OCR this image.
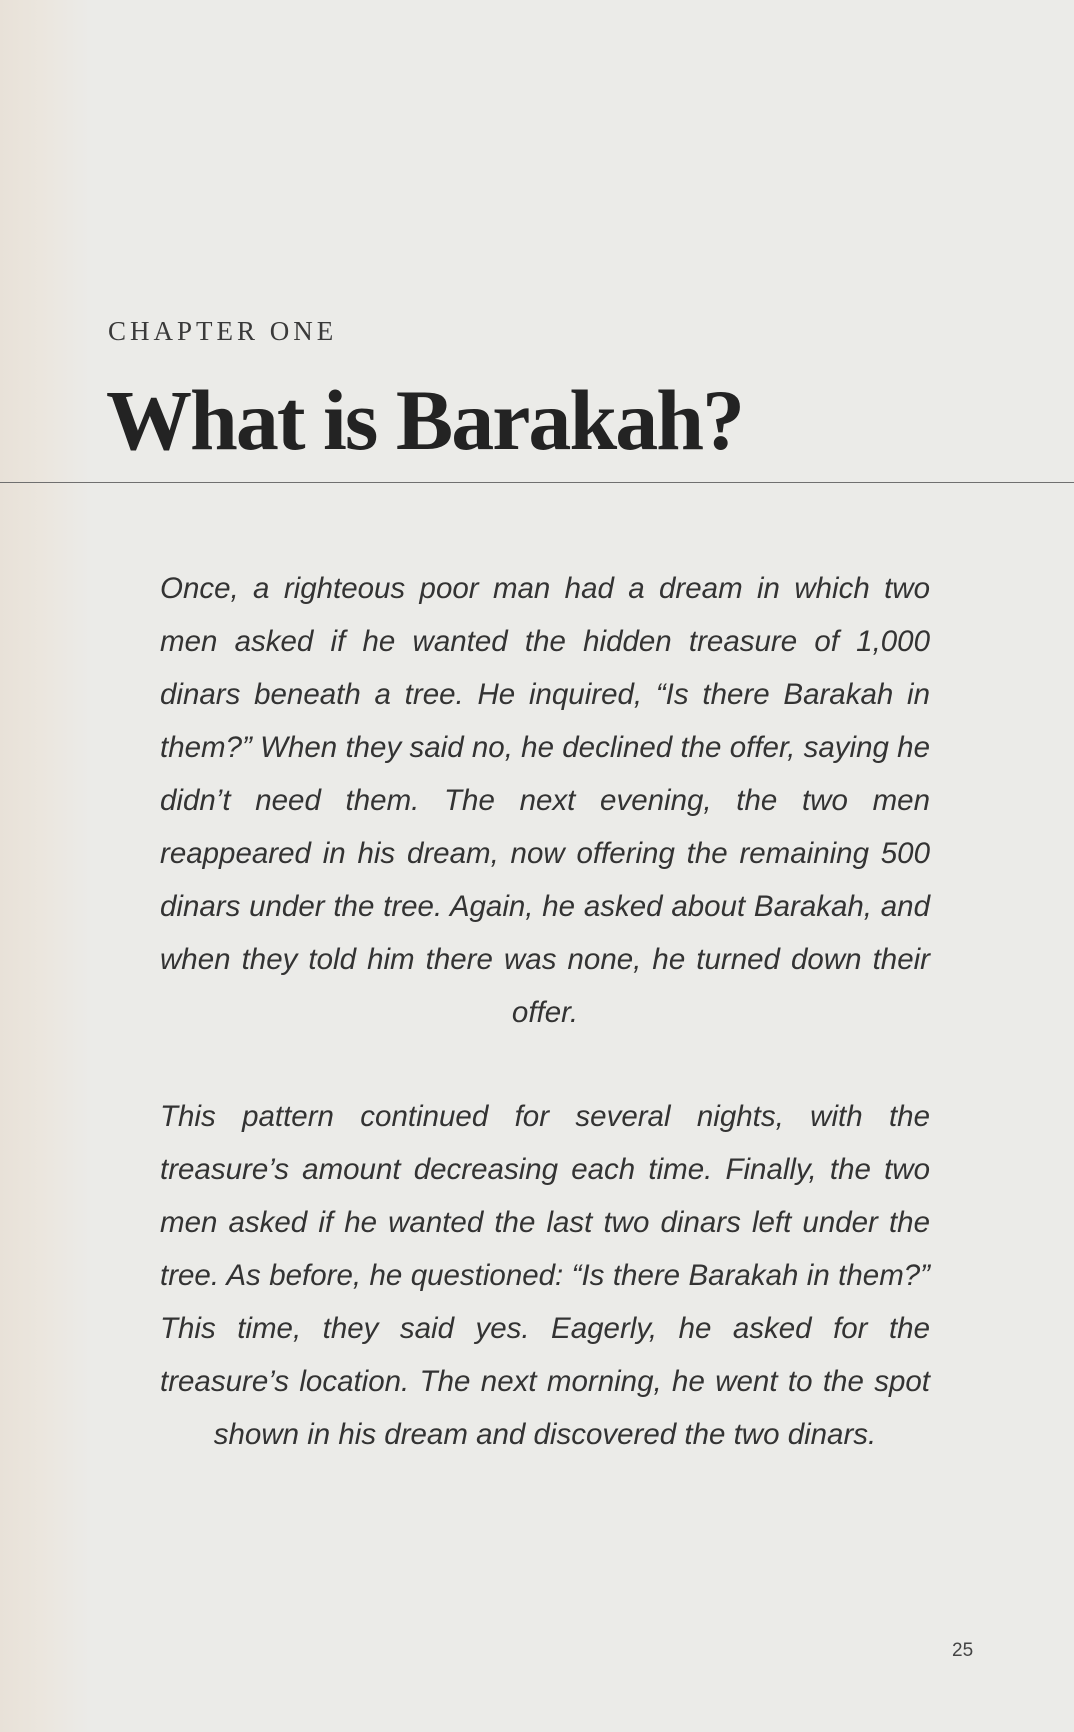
CHAPTER ONE
What is Barakah?

Once, a righteous poor man had a dream in which two men asked if he wanted the hidden treasure of 1,000 dinars beneath a tree. He inquired, “Is there Barakah in them?” When they said no, he declined the offer, saying he didn’t need them. The next evening, the two men reappeared in his dream, now offering the remaining 500 dinars under the tree. Again, he asked about Barakah, and when they told him there was none, he turned down their offer.

This pattern continued for several nights, with the treasure’s amount decreasing each time. Finally, the two men asked if he wanted the last two dinars left under the tree. As before, he questioned: “Is there Barakah in them?” This time, they said yes. Eagerly, he asked for the treasure’s location. The next morning, he went to the spot shown in his dream and discovered the two dinars.

25
